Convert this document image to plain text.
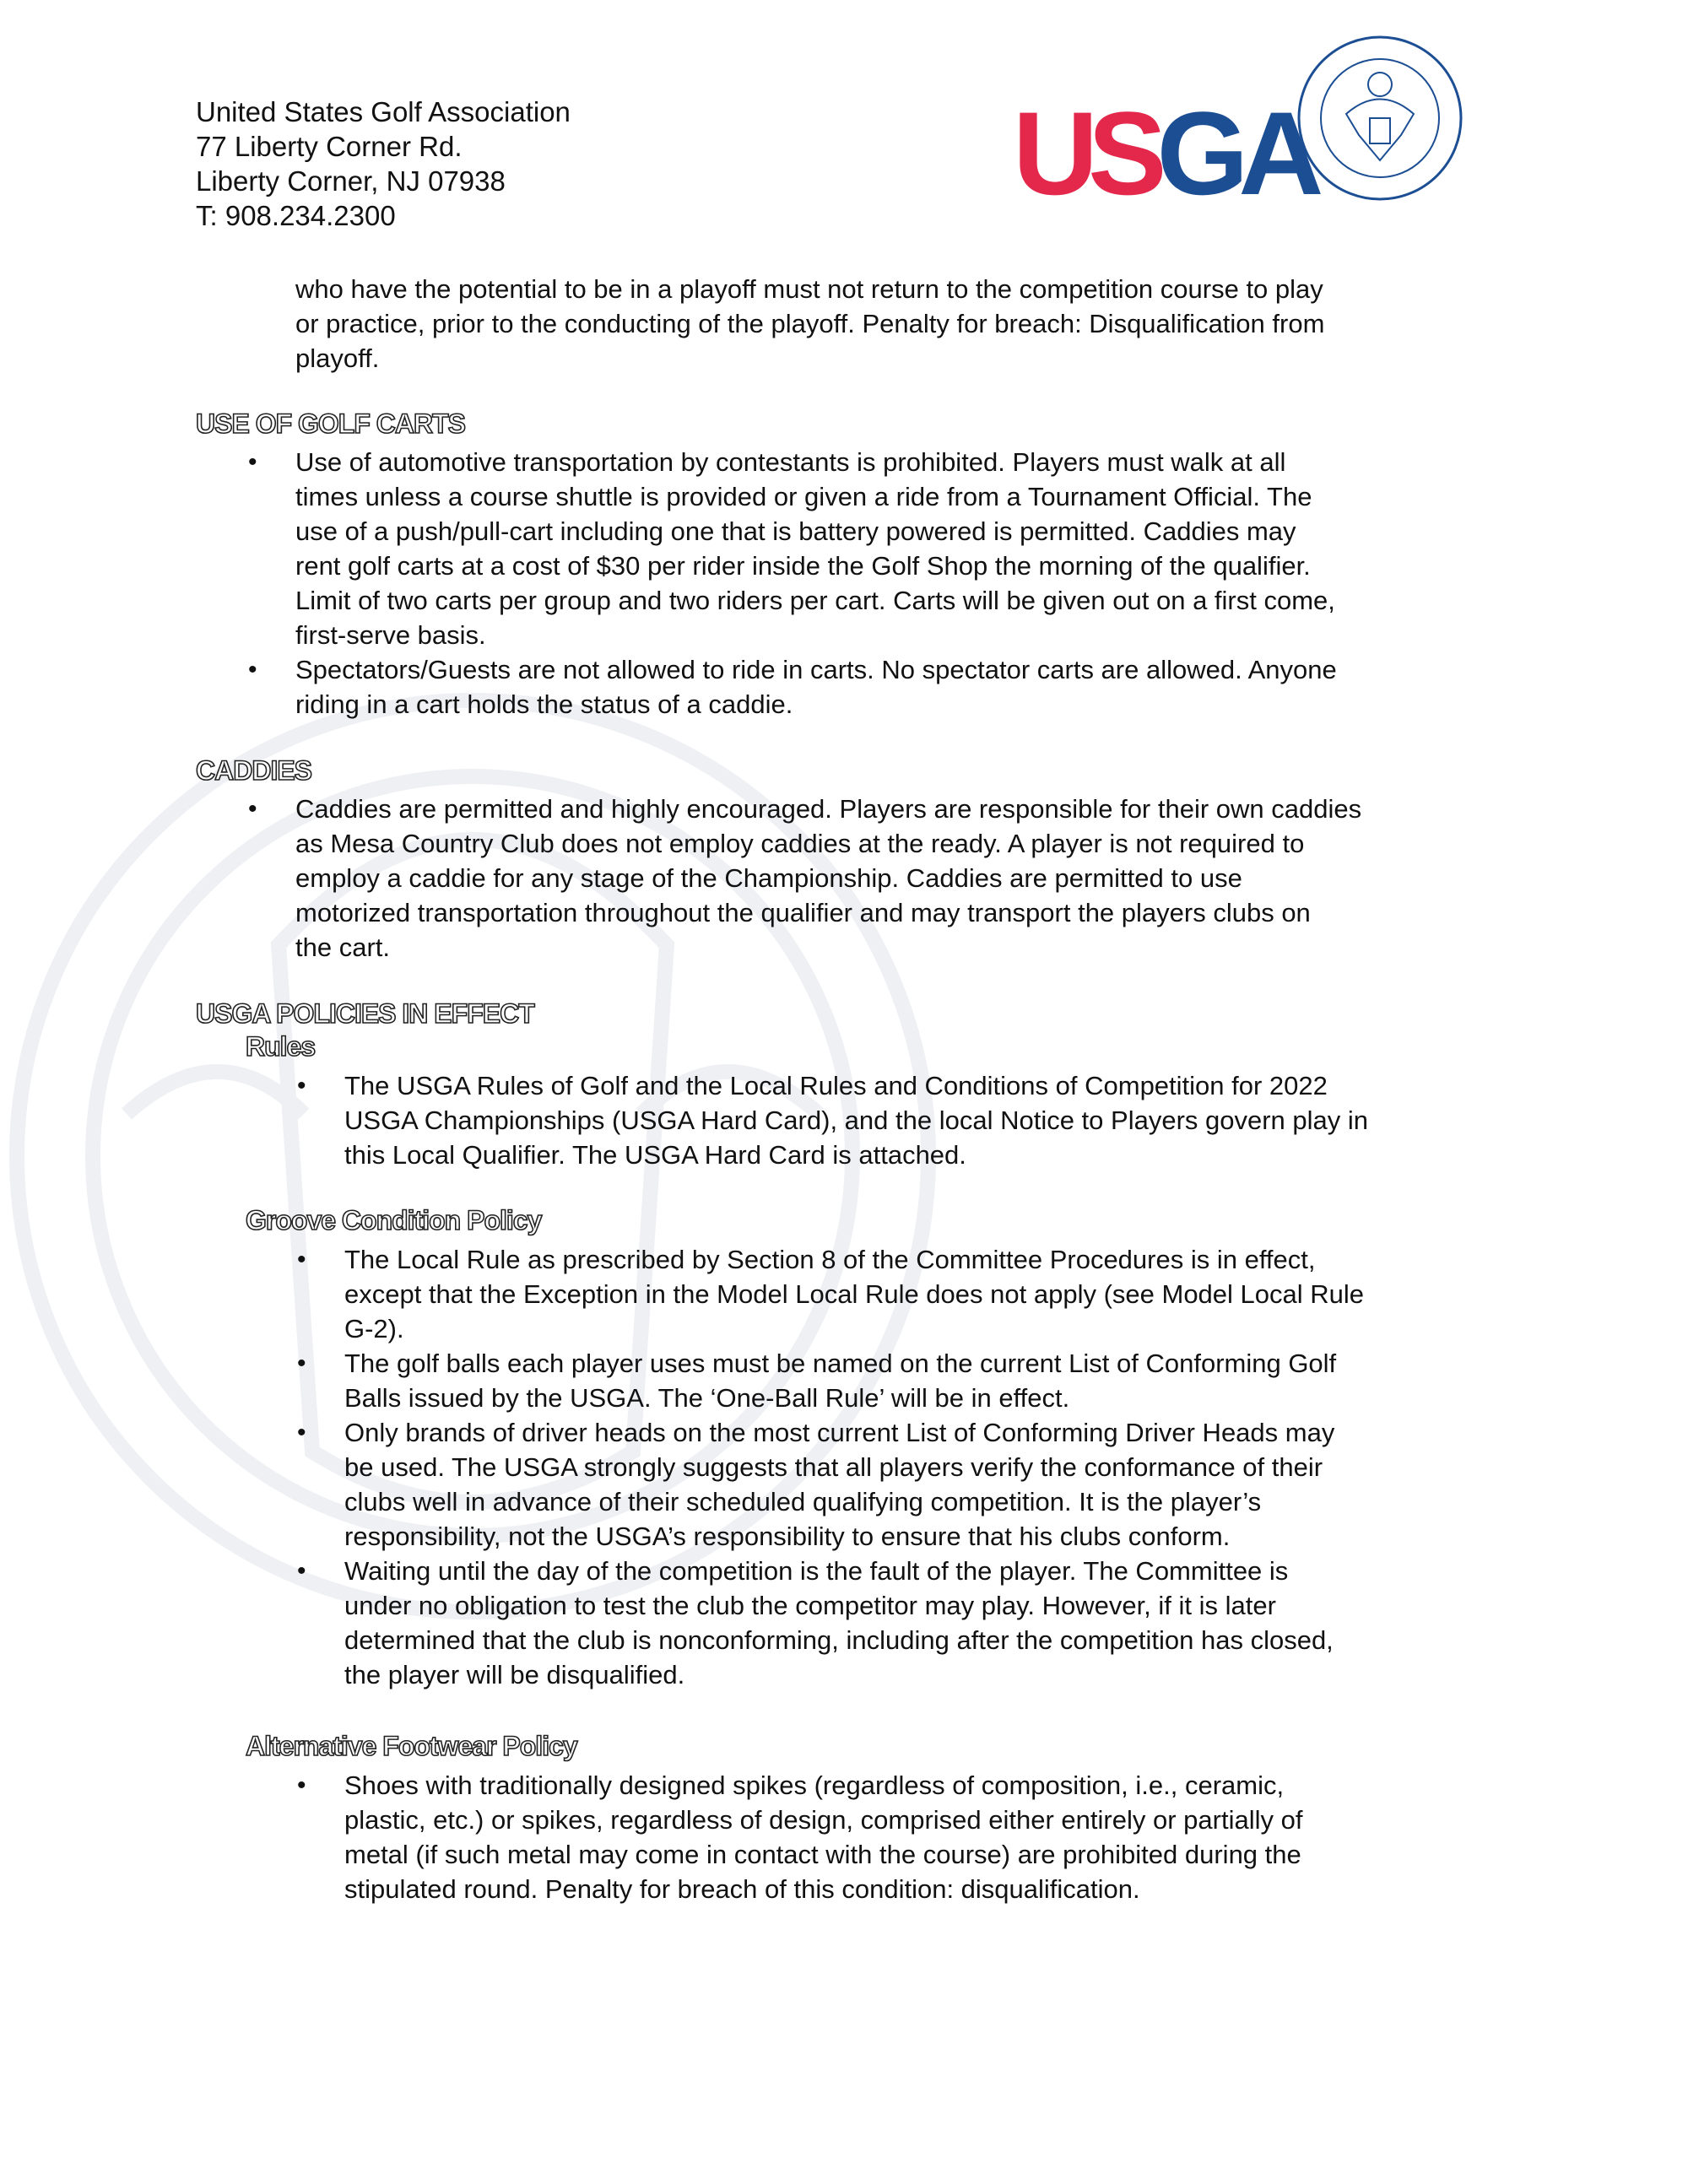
United States Golf Association
77 Liberty Corner Rd.
Liberty Corner, NJ 07938
T: 908.234.2300	USGA
who have the potential to be in a playoff must not return to the competition course to play
or practice, prior to the conducting of the playoff. Penalty for breach: Disqualification from
playoff.
USE OF GOLF CARTS
• Use of automotive transportation by contestants is prohibited. Players must walk at all
times unless a course shuttle is provided or given a ride from a Tournament Official. The
use of a push/pull-cart including one that is battery powered is permitted. Caddies may
rent golf carts at a cost of $30 per rider inside the Golf Shop the morning of the qualifier.
Limit of two carts per group and two riders per cart. Carts will be given out on a first come,
first-serve basis.
• Spectators/Guests are not allowed to ride in carts. No spectator carts are allowed. Anyone
riding in a cart holds the status of a caddie.
CADDIES
• Caddies are permitted and highly encouraged. Players are responsible for their own caddies
as Mesa Country Club does not employ caddies at the ready. A player is not required to
employ a caddie for any stage of the Championship. Caddies are permitted to use
motorized transportation throughout the qualifier and may transport the players clubs on
the cart.
USGA POLICIES IN EFFECT
Rules
• The USGA Rules of Golf and the Local Rules and Conditions of Competition for 2022
USGA Championships (USGA Hard Card), and the local Notice to Players govern play in
this Local Qualifier. The USGA Hard Card is attached.
Groove Condition Policy
• The Local Rule as prescribed by Section 8 of the Committee Procedures is in effect,
except that the Exception in the Model Local Rule does not apply (see Model Local Rule
G-2).
• The golf balls each player uses must be named on the current List of Conforming Golf
Balls issued by the USGA. The ‘One-Ball Rule’ will be in effect.
• Only brands of driver heads on the most current List of Conforming Driver Heads may
be used. The USGA strongly suggests that all players verify the conformance of their
clubs well in advance of their scheduled qualifying competition. It is the player’s
responsibility, not the USGA’s responsibility to ensure that his clubs conform.
• Waiting until the day of the competition is the fault of the player. The Committee is
under no obligation to test the club the competitor may play. However, if it is later
determined that the club is nonconforming, including after the competition has closed,
the player will be disqualified.
Alternative Footwear Policy
• Shoes with traditionally designed spikes (regardless of composition, i.e., ceramic,
plastic, etc.) or spikes, regardless of design, comprised either entirely or partially of
metal (if such metal may come in contact with the course) are prohibited during the
stipulated round. Penalty for breach of this condition: disqualification.
